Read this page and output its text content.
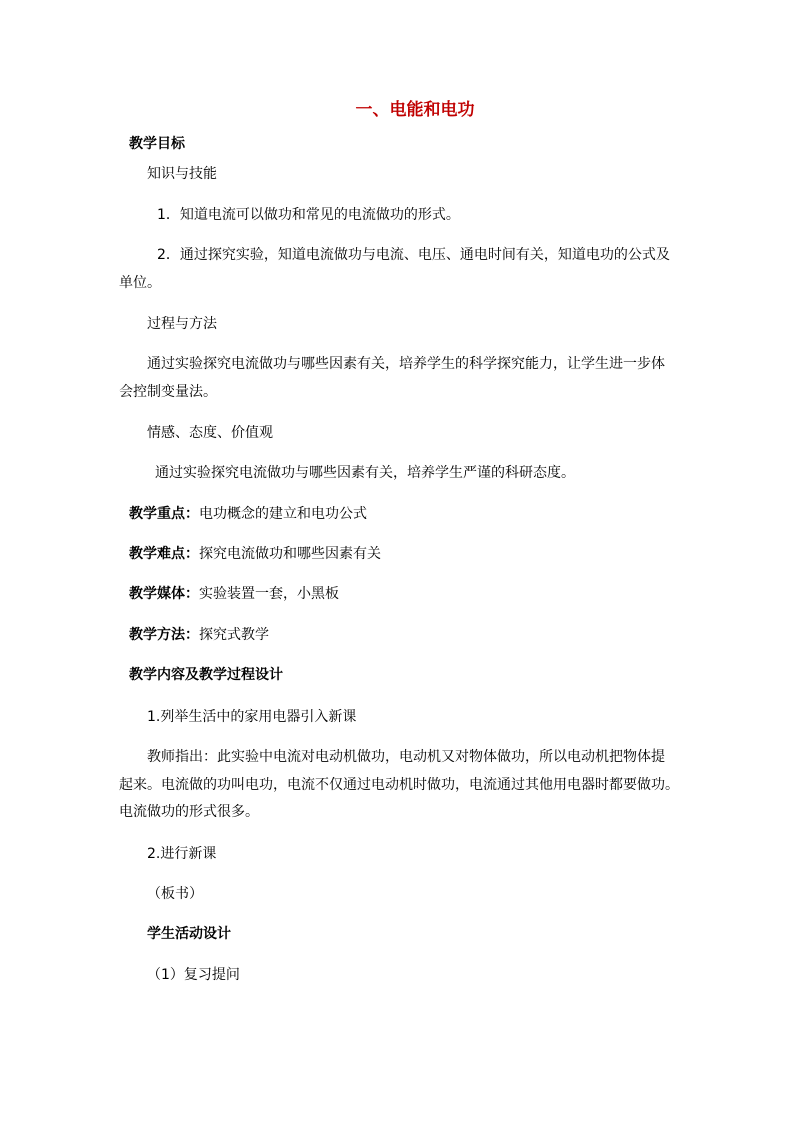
一、电能和电功
教学目标
知识与技能
1．知道电流可以做功和常见的电流做功的形式。
2．通过探究实验，知道电流做功与电流、电压、通电时间有关，知道电功的公式及
单位。
过程与方法
通过实验探究电流做功与哪些因素有关，培养学生的科学探究能力，让学生进一步体
会控制变量法。
情感、态度、价值观
通过实验探究电流做功与哪些因素有关，培养学生严谨的科研态度。
教学重点：电功概念的建立和电功公式
教学难点：探究电流做功和哪些因素有关
教学媒体：实验装置一套，小黑板
教学方法：探究式教学
教学内容及教学过程设计
1.列举生活中的家用电器引入新课
教师指出：此实验中电流对电动机做功，电动机又对物体做功，所以电动机把物体提
起来。电流做的功叫电功，电流不仅通过电动机时做功，电流通过其他用电器时都要做功。
电流做功的形式很多。
2.进行新课
（板书）
学生活动设计
（1）复习提问
